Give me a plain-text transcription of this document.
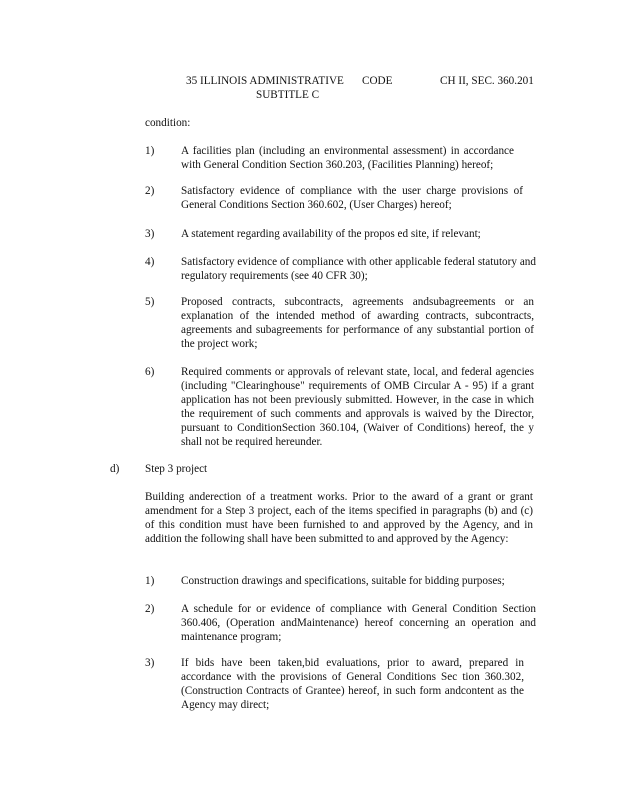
35 ILLINOIS ADMINISTRATIVE CODE	CH II, SEC. 360.201
SUBTITLE C
condition:
1) A facilities plan (including an environmental assessment) in accordance with General Condition Section 360.203, (Facilities Planning) hereof;
2) Satisfactory evidence of compliance with the user charge provisions of General Conditions Section 360.602, (User Charges) hereof;
3) A statement regarding availability of the propos ed site, if relevant;
4) Satisfactory evidence of compliance with other applicable federal statutory and regulatory requirements (see 40 CFR 30);
5) Proposed contracts, subcontracts, agreements andsubagreements or an explanation of the intended method of awarding contracts, subcontracts, agreements and subagreements for performance of any substantial portion of the project work;
6) Required comments or approvals of relevant state, local, and federal agencies (including "Clearinghouse" requirements of OMB Circular A - 95) if a grant application has not been previously submitted. However, in the case in which the requirement of such comments and approvals is waived by the Director, pursuant to ConditionSection 360.104, (Waiver of Conditions) hereof, the y shall not be required hereunder.
d) Step 3 project
Building anderection of a treatment works. Prior to the award of a grant or grant amendment for a Step 3 project, each of the items specified in paragraphs (b) and (c) of this condition must have been furnished to and approved by the Agency, and in addition the following shall have been submitted to and approved by the Agency:
1) Construction drawings and specifications, suitable for bidding purposes;
2) A schedule for or evidence of compliance with General Condition Section 360.406, (Operation andMaintenance) hereof concerning an operation and maintenance program;
3) If bids have been taken,bid evaluations, prior to award, prepared in accordance with the provisions of General Conditions Sec tion 360.302, (Construction Contracts of Grantee) hereof, in such form andcontent as the Agency may direct;
